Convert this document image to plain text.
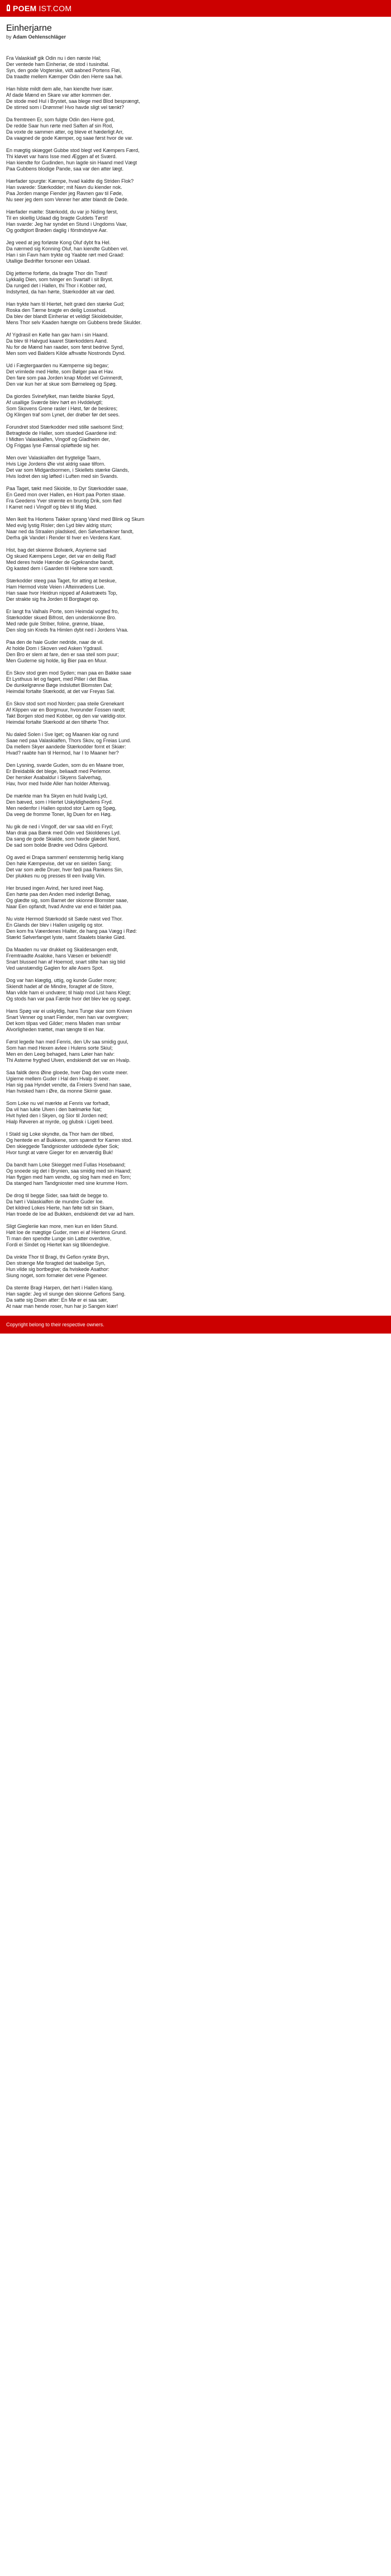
POEM IST.COM
Einherjarne

by Adam Oehlenschläger

Fra Valaskialf gik Odin nu i den næste Hal;
Der ventede ham Einheriar, de stod i tusindtal.
Syn, den gode Vogterske, vidt aabned Portens Fløi,
Da traadte mellem Kæmper Odin den Herre saa høi.
Han hilste mildt dem alle, han kiendte hver især.
Af dade Mænd en Skare var atter kommen der.
De stode med Hul i Brystet, saa blege med Blod besprængt,
De stirred som i Drømme! Hvo havde sligt vel tænkt?
Da fremtreen Er, som fulgte Odin den Herre god,
De redde Saar hun rørte med Saften af sin Rod,
Da voxte de sammen atter, og bleve et hæderligt Arr,
Da vaagned de gode Kæmper, og saae først hvor de var.
En mægtig skiægget Gubbe stod blegt ved Kæmpers Færd,
Thi kløvet var hans Isse med Æggen af et Sværd.
Han kiendte for Gudinden, hun lagde sin Haand med Vægt
Paa Gubbens blodige Pande, saa var den atter lægt.
Hærfader spurgte: Kæmpe, hvad kaldte dig Striden Flok?
Han svarede: Stærkodder; mit Navn du kiender nok.
Paa Jorden mange Fiender jeg Ravnen gav til Føde,
Nu seer jeg dem som Venner her atter blandt de Døde.
Hærfader mælte: Stærkodd, du var jo Niding først,
Til en skiellig Udaad dig bragte Guldets Tørst!
Han svarde: Jeg har syndet en Stund i Ungdoms Vaar,
Og godtgiort Brøden daglig i förstndstyve Aar.
Jeg veed at jeg forløste Kong Oluf dybt fra Hel.
Da nærmed sig Konning Oluf, han kiendte Gubben vel.
Han i sin Favn ham trykte og Yaabte rørt med Graad:
Utallige Bedrifter forsoner een Udaad.
Dig jetterne forførte, da bragte Thor din Trøst!
Lykkalig Dien, som tvinger en Svartalf i sit Bryst.
Da runged det i Hallen, thi Thor i Kobber rød,
Indstyrted, da han hørte, Stærkodder alt var død.
Han trykte ham til Hiertet, helt græd den stærke Gud;
Roska den Tærne bragte en deilig Lossehud.
Da blev der blandt Einheriar et veldigt Skioldebulder,
Mens Thor selv Kaaden hængte om Gubbens brede Skulder.
Af Ygdrasil en Kølle han gav ham i sin Haand.
Da blev til Halvgud kaaret Stærkodders Aand.
Nu for de Mænd han raader, som først bedrive Synd,
Men som ved Balders Kilde afhvatte Nostronds Dynd.
Ud i Fægtergaarden nu Kæmperne sig begav;
Det vrimlede med Helte, som Bølger paa et Hav.
Den fare som paa Jorden knap Modet vel Gvinnerdt,
Den var kun her at skue som Børneleeg og Spøg.
Da giordes Svinefylket, man fældte blanke Spyd,
Af usallige Sværde blev hørt en Hvddelvgtl;
Som Skovens Grene rasler i Høst, før de beskres;
Og Klingen traf som Lynet, der drøber før det sees.
Forundret stod Stærkodder med stille saelsomt Sind;
Betragtede de Haller, som stueded Gaardene ind:
I Midten Valaskialfen, Vingolf og Gladheim der,
Og Friggas lyse Fænsal opløftede sig her.
Men over Valaskialfen det frygtelige Taarn,
Hvis Lige Jordens Øie vist aldrig saae tilforn.
Det var som Midgardsormen, i Skiellets stærke Glands,
Hvis Iodret den sig løfted i Luften med sin Svands.
Paa Taget, tækt med Skiolde, to Dyr Stærkodder saae,
En Geed mon over Hallen, en Hiort paa Porten staae.
Fra Geedens Yver strømte en bruntig Drik, som flød
I Karret ned i Vingolf og blev til lifig Miød.
Men Ikeit fra Hiortens Takker sprang Vand med Blink og Skum
Med evig lystig Risler; den Lyd blev aldrig stum;
Naar ned da Straalen pladsked, den Sølverbækner fandt,
Derfra gik Vandet i Render til hver en Verdens Kant.
Hist, bag det skienne Bolværk, Asyrierne sad
Og skued Kæmpens Leger, det var en deilig Rad!
Med deres hvide Hænder de Ggekrandse bandt,
Og kasted dem i Gaarden til Heltene som vandt.
Stærkodder steeg paa Taget, for atting at beskue,
Ham Hermod viste Veien i Afteinrødens Lue.
Han saae hvor Heidrun nipped af Asketræets Top,
Der strakte sig fra Jorden til Borgtaget op.
Er langt fra Valhals Porte, som Heimdal vogted fro,
Stærkodder skued Bifrost, den underskionne Bro.
Med røde gule Striber, foline, grønne, blaae,
Den slog sin Kreds fra Himlen dybt ned i Jordens Vraa.
Paa den de haie Guder nedride, naar de vil.
At holde Dom i Skoven ved Asken Ygdrasil.
Den Bro er slem at fare, den er saa steil som puur;
Men Guderne sig holde, lig Bier paa en Muur.
En Skov stod grøn mod Syden; man paa en Bakke saae
Et Lysthuus let og fagert, med Piller i det Blaa.
De dunkelgrønne Bøge indsluttet Blomsten Dal;
Heimdal fortalte Stærkodd, at det var Freyas Sal.
En Skov stod sort mod Norden; paa steile Grenekant
Af Klippen var en Borgmuur, hvorunder Fossen randt;
Takt Borgen stod med Kobber, og den var vældig-stor.
Heimdal fortalte Stærkodd at den tilhørte Thor.
Nu daled Solen i Sve lget; og Maanen klar og rund
Saae ned paa Valaskialfen, Thors Skov, og Freias Lund.
Da mellem Skyer aandede Stærkodder fornt et Skiær:
Hvad? raabte han til Hermod, har I to Maaner her?
Den Lysning, svarde Guden, som du en Maane troer,
Er Breidablik det blege, beliaadt med Perlemor.
Der hersker Asabaldur i Skyens Salverhag,
Hav, hvor med hvide Aller han holder Aftenvag.
De mærkte man fra Skyen en huld livalig Lyd,
Den bæved, som i Hiertet Uskyldighedens Fryd.
Men nedenfor i Hallen opstod stor Larm og Spøg,
Da veeg de fromme Toner, lig Duen for en Høg.
Nu gik de ned i Vingolf, der var saa vild en Fryd;
Man drak paa Bænk med Odin ved Skioldenes Lyd.
Da sang de gode Skialde, som havde glædet Nord,
De sad som bolde Brødre ved Odins Gjebord.
Og aved ei Drapa sammen! eenstemmig herlig klang
Den høie Kæmpevise, det var en sielden Sang;
Det var som ædle Druer, hver fødi paa Rankens Sin,
Der plukkes nu og presses til een livalig Viin.
Her brused ingen Avind, her lured ireet Nag.
Een hørte paa den Anden med inderligt Behag,
Og glædte sig, som Barnet der skionne Blomster saae,
Naar Een opfandt, hvad Andre var end ei faldet paa.
Nu viste Hermod Stærkodd sit Sæde næst ved Thor.
En Glands der blev i Hallen usigelig og stor.
Den kom fra Væerdenes Hialter, de hang paa Vægg i Rød:
Stærkt Sølverfanget lyste, samt Staalets blanke Glød.
Da Maaden nu var drukket og Skaldesangen endt,
Fremtraadte Asaloke, hans Væsen er bekiendt!
Snart blussed han af Hoemod, snart stilte han sig blid
Ved uanstændig Gaglen for alle Asers Spot.
Dog var han klægtig, uttig, og kunde Guder more;
Skiendt hadet af de Mindre, foragtet af de Store,
Man vilde ham ei undvære; til hialp mod List hans Klegt;
Og stods han var paa Færde hvor det blev lee og spøgt.
Hans Spøg var ei uskyldig, hans Tunge skar som Kniven
Snart Venner og snart Fiender, men han var overgiven;
Det kom tilpas ved Gilder; mens Maden man smbar
Alvorligheden trættet, man tængte til en Nar.
Først legede han med Fenris, den Ulv saa smidig guul,
Som han med Hexen avlee i Hulens sorte Skiul;
Men en den Leeg behaged, hans Løier han halv:
Thi Asterne fryghed Ulven, endskiendt det var en Hvalp.
Saa faldk dens Øine gloede, hver Dag den voxte meer.
Ugierne mellem Guder i Hal den Hvalp ei seer.
Han sig paa Hyndet vendte, da Freiers Svend han saae,
Han hvisked ham i Øre, da monne Skirnir gaae.
Som Loke nu vel mærkte at Fenris var forhadt,
Da vil han lukte Ulven i den bælmørke Nat;
Hvit hyled den i Skyen, og Sior til Jorden ned;
Hialp Røveren at myrde, og glubsk i Ligeti beed.
I Stald sig Loke skyndte, da Thor ham der tilbed,
Og hentede en af Bukkene, som spændt for Karren stod.
Den skieggede Tandgnioster uddodede dyber Sok;
Hvor tungt at være Gieger for en ærværdig Buk!
Da bandt ham Loke Skiegget med Fullas Hosebaand;
Og snoede sig det i Brynien, saa smidig med sin Haand;
Han flygjen med ham vendte, og slog ham med en Torn;
Da stanged ham Tandgnioster med sine krumme Horn.
De drog til begge Sider, saa faldt de begge to.
Da hørt i Valaskialfen de mundre Guder loe.
Det kildred Lokes Hierte, han følte tidt sin Skam,
Han troede de loe ad Bukken, endskiendt det var ad ham.
Sligt Giegleriie kan more, men kun en liden Stund.
Høit loe de mægtige Guder, men ei af Hiertens Grund.
Ti man den spendte Lunge sin Latter overdrive,
Fordi ei Sindet og Hiertet kan sig tilkiendegive.
Da vinkte Thor til Bragi, thi Gefion rynkte Bryn,
Den strænge Mø foragted det taabelige Syn,
Hun vilde sig bortbegive; da hviskede Asathor:
Siung noget, som fornøier det vene Pigeneer.
Da stemte Bragi Harpen, det hørt i Hallen klang.
Han sagde: Jeg vil siunge den skionne Gefions Sang.
Da satte sig Disen atter: En Mø er ei saa sær,
At naar man hende roser, hun har jo Sangen kiær!
Copyright belong to their respective owners.
